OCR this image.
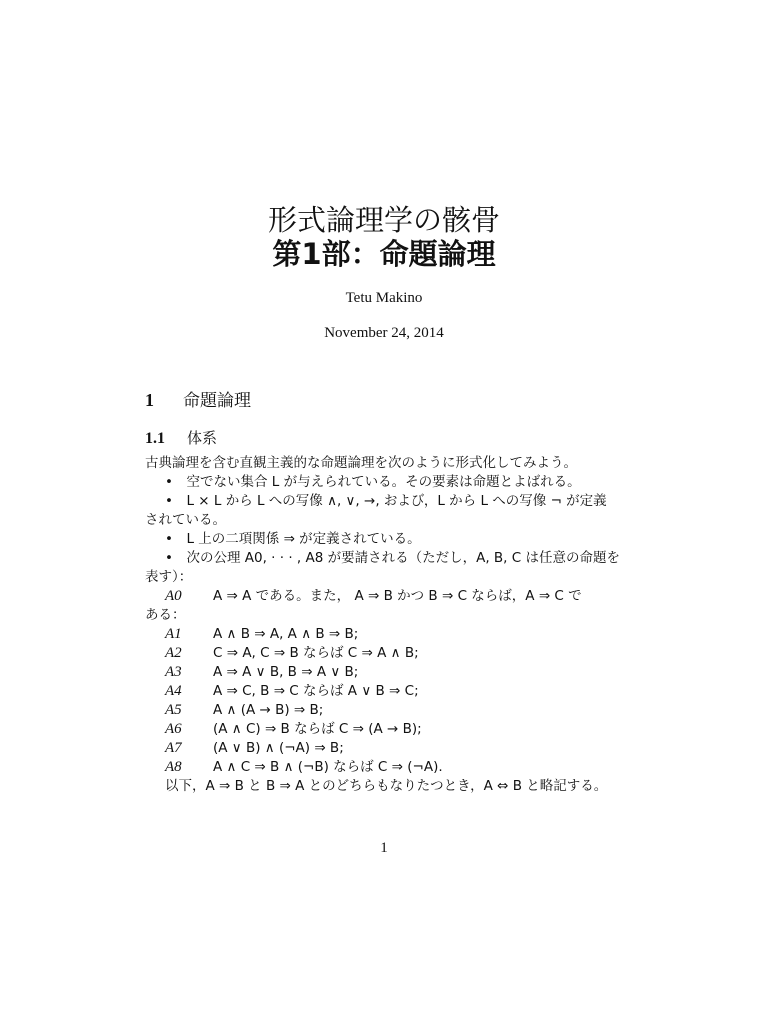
形式論理学の骸骨
第1部：命題論理
Tetu Makino
November 24, 2014
1 命題論理
1.1 体系

古典論理を含む直観主義的な命題論理を次のように形式化してみよう。

•　空でない集合 L が与えられている。その要素は命題とよばれる。

•　L × L から L への写像 ∧, ∨, →, および，L から L への写像 ¬ が定義

されている。

•　L 上の二項関係 ⇒ が定義されている。

•　次の公理 A0, · · · , A8 が要請される（ただし，A, B, C は任意の命題を

表す）：

A0	A ⇒ A である。また， A ⇒ B かつ B ⇒ C ならば，A ⇒ C で

ある：

A1	A ∧ B ⇒ A, A ∧ B ⇒ B;
A2	C ⇒ A, C ⇒ B ならば C ⇒ A ∧ B;
A3	A ⇒ A ∨ B, B ⇒ A ∨ B;
A4	A ⇒ C, B ⇒ C ならば A ∨ B ⇒ C;
A5	A ∧ (A → B) ⇒ B;
A6	(A ∧ C) ⇒ B ならば C ⇒ (A → B);
A7	(A ∨ B) ∧ (¬A) ⇒ B;
A8	A ∧ C ⇒ B ∧ (¬B) ならば C ⇒ (¬A).

以下，A ⇒ B と B ⇒ A とのどちらもなりたつとき，A ⇔ B と略記する。

1
